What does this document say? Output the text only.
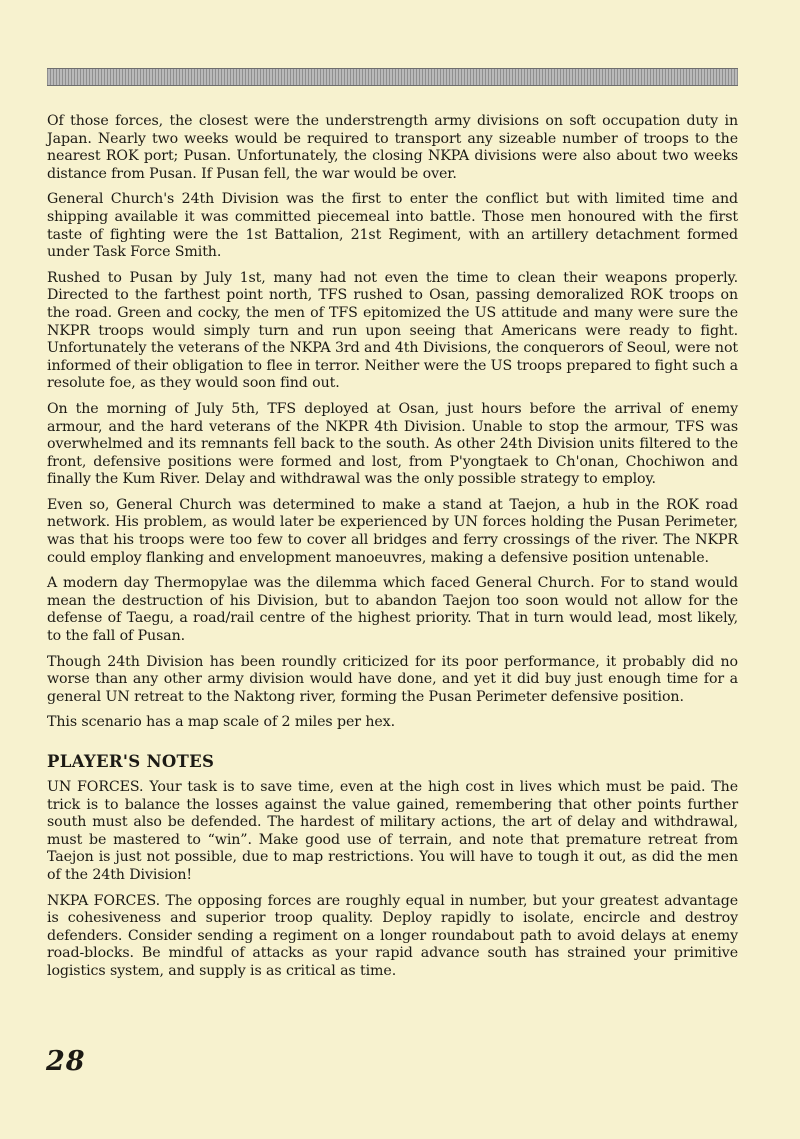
Of those forces, the closest were the understrength army divisions on soft occupation duty in Japan. Nearly two weeks would be required to transport any sizeable number of troops to the nearest ROK port; Pusan. Unfortunately, the closing NKPA divisions were also about two weeks distance from Pusan. If Pusan fell, the war would be over.

General Church's 24th Division was the first to enter the conflict but with limited time and shipping available it was committed piecemeal into battle. Those men honoured with the first taste of fighting were the 1st Battalion, 21st Regiment, with an artillery detachment formed under Task Force Smith.

Rushed to Pusan by July 1st, many had not even the time to clean their weapons properly. Directed to the farthest point north, TFS rushed to Osan, passing demoralized ROK troops on the road. Green and cocky, the men of TFS epitomized the US attitude and many were sure the NKPR troops would simply turn and run upon seeing that Americans were ready to fight. Unfortunately the veterans of the NKPA 3rd and 4th Divisions, the conquerors of Seoul, were not informed of their obligation to flee in terror. Neither were the US troops prepared to fight such a resolute foe, as they would soon find out.

On the morning of July 5th, TFS deployed at Osan, just hours before the arrival of enemy armour, and the hard veterans of the NKPR 4th Division. Unable to stop the armour, TFS was overwhelmed and its remnants fell back to the south. As other 24th Division units filtered to the front, defensive positions were formed and lost, from P'yongtaek to Ch'onan, Chochiwon and finally the Kum River. Delay and withdrawal was the only possible strategy to employ.

Even so, General Church was determined to make a stand at Taejon, a hub in the ROK road network. His problem, as would later be experienced by UN forces holding the Pusan Perimeter, was that his troops were too few to cover all bridges and ferry crossings of the river. The NKPR could employ flanking and envelopment manoeuvres, making a defensive position untenable.

A modern day Thermopylae was the dilemma which faced General Church. For to stand would mean the destruction of his Division, but to abandon Taejon too soon would not allow for the defense of Taegu, a road/rail centre of the highest priority. That in turn would lead, most likely, to the fall of Pusan.

Though 24th Division has been roundly criticized for its poor performance, it probably did no worse than any other army division would have done, and yet it did buy just enough time for a general UN retreat to the Naktong river, forming the Pusan Perimeter defensive position.

This scenario has a map scale of 2 miles per hex.

PLAYER'S NOTES

UN FORCES. Your task is to save time, even at the high cost in lives which must be paid. The trick is to balance the losses against the value gained, remembering that other points further south must also be defended. The hardest of military actions, the art of delay and withdrawal, must be mastered to “win”. Make good use of terrain, and note that premature retreat from Taejon is just not possible, due to map restrictions. You will have to tough it out, as did the men of the 24th Division!

NKPA FORCES. The opposing forces are roughly equal in number, but your greatest advantage is cohesiveness and superior troop quality. Deploy rapidly to isolate, encircle and destroy defenders. Consider sending a regiment on a longer roundabout path to avoid delays at enemy road-blocks. Be mindful of attacks as your rapid advance south has strained your primitive logistics system, and supply is as critical as time.

28
